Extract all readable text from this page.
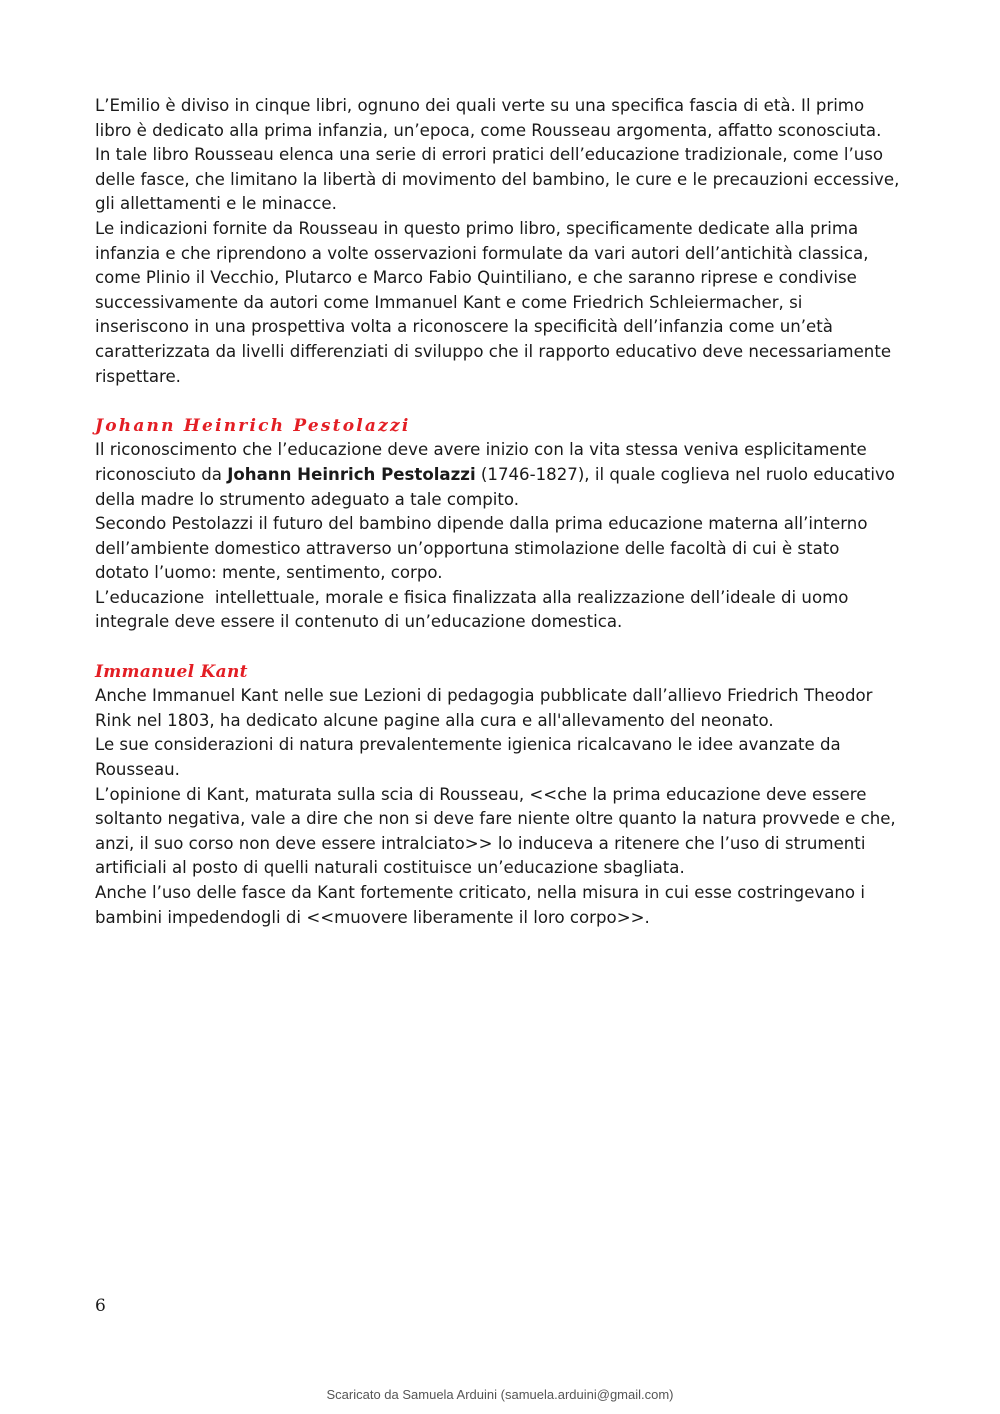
L’Emilio è diviso in cinque libri, ognuno dei quali verte su una specifica fascia di età. Il primo
libro è dedicato alla prima infanzia, un’epoca, come Rousseau argomenta, affatto sconosciuta.
In tale libro Rousseau elenca una serie di errori pratici dell’educazione tradizionale, come l’uso
delle fasce, che limitano la libertà di movimento del bambino, le cure e le precauzioni eccessive,
gli allettamenti e le minacce.

Le indicazioni fornite da Rousseau in questo primo libro, specificamente dedicate alla prima
infanzia e che riprendono a volte osservazioni formulate da vari autori dell’antichità classica,
come Plinio il Vecchio, Plutarco e Marco Fabio Quintiliano, e che saranno riprese e condivise
successivamente da autori come Immanuel Kant e come Friedrich Schleiermacher, si
inseriscono in una prospettiva volta a riconoscere la specificità dell’infanzia come un’età
caratterizzata da livelli differenziati di sviluppo che il rapporto educativo deve necessariamente
rispettare.

Johann Heinrich Pestolazzi

Il riconoscimento che l’educazione deve avere inizio con la vita stessa veniva esplicitamente
riconosciuto da Johann Heinrich Pestolazzi (1746-1827), il quale coglieva nel ruolo educativo
della madre lo strumento adeguato a tale compito.

Secondo Pestolazzi il futuro del bambino dipende dalla prima educazione materna all’interno
dell’ambiente domestico attraverso un’opportuna stimolazione delle facoltà di cui è stato
dotato l’uomo: mente, sentimento, corpo.

L’educazione  intellettuale, morale e fisica finalizzata alla realizzazione dell’ideale di uomo
integrale deve essere il contenuto di un’educazione domestica.

Immanuel Kant

Anche Immanuel Kant nelle sue Lezioni di pedagogia pubblicate dall’allievo Friedrich Theodor
Rink nel 1803, ha dedicato alcune pagine alla cura e all'allevamento del neonato.

Le sue considerazioni di natura prevalentemente igienica ricalcavano le idee avanzate da
Rousseau.

L’opinione di Kant, maturata sulla scia di Rousseau, <<che la prima educazione deve essere
soltanto negativa, vale a dire che non si deve fare niente oltre quanto la natura provvede e che,
anzi, il suo corso non deve essere intralciato>> lo induceva a ritenere che l’uso di strumenti
artificiali al posto di quelli naturali costituisce un’educazione sbagliata.

Anche l’uso delle fasce da Kant fortemente criticato, nella misura in cui esse costringevano i
bambini impedendogli di <<muovere liberamente il loro corpo>>.

6
Scaricato da Samuela Arduini (samuela.arduini@gmail.com)
